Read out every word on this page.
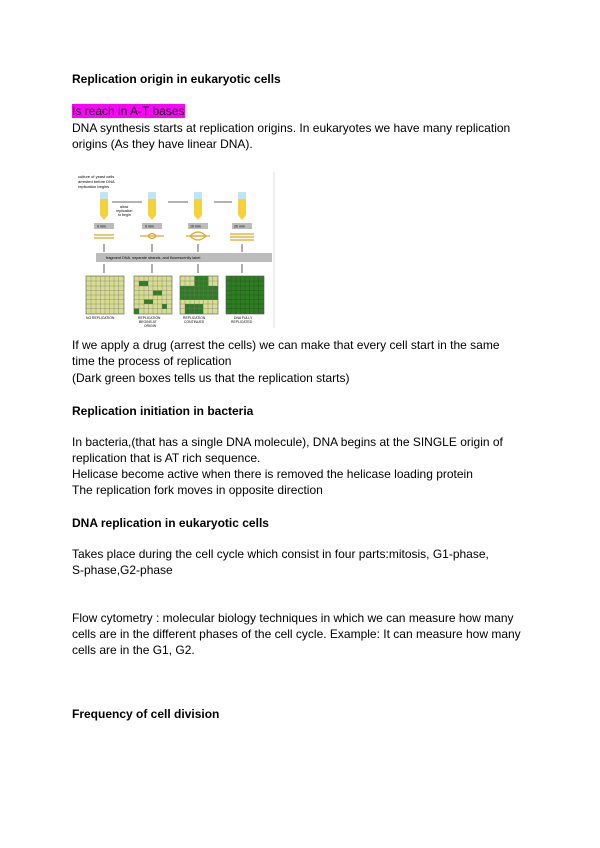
Replication origin in eukaryotic cells
Is reach in A-T bases
DNA synthesis starts at replication origins. In eukaryotes we have many replication
origins (As they have linear DNA).
culture of yeast cells
arrested before DNA
replication begins
allow
replication
to begin
0 min	0 min	10 min	20 min
fragment DNA, separate strands, and fluorescently label
NO REPLICATION	REPLICATION
BEGINS AT
ORIGIN
REPLICATION
CONTINUES
DNA FULLY
REPLICATED
If we apply a drug (arrest the cells) we can make that every cell start in the same
time the process of replication
(Dark green boxes tells us that the replication starts)
Replication initiation in bacteria
In bacteria,(that has a single DNA molecule), DNA begins at the SINGLE origin of
replication that is AT rich sequence.
Helicase become active when there is removed the helicase loading protein
The replication fork moves in opposite direction
DNA replication in eukaryotic cells
Takes place during the cell cycle which consist in four parts:mitosis, G1-phase,
S-phase,G2-phase
Flow cytometry : molecular biology techniques in which we can measure how many
cells are in the different phases of the cell cycle. Example: It can measure how many
cells are in the G1, G2.
Frequency of cell division
